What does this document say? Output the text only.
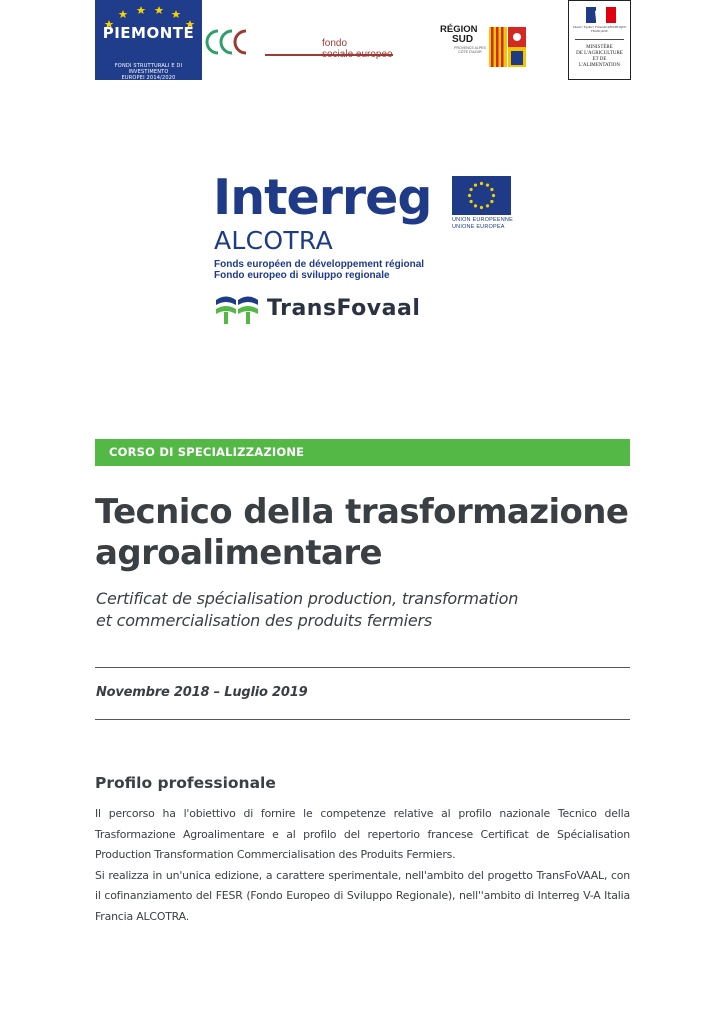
PIEMONTE
FONDI STRUTTURALI E DI INVESTIMENTO
EUROPEI 2014/2020
fondo
sociale europeo
RÉGION
SUD
PROVENCE ALPES CÔTE D'AZUR
Liberté • Égalité • Fraternité RÉPUBLIQUE FRANÇAISE
MINISTÈRE
DE L'AGRICULTURE
ET DE
L'ALIMENTATION
Interreg
ALCOTRA
Fonds européen de développement régional
Fondo europeo di sviluppo regionale
UNION EUROPEENNE
UNIONE EUROPEA
TransFovaal
CORSO DI SPECIALIZZAZIONE
Tecnico della trasformazione
agroalimentare
Certificat de spécialisation production, transformation
et commercialisation des produits fermiers
Novembre 2018 – Luglio 2019
Profilo professionale

Il percorso ha l'obiettivo di fornire le competenze relative al profilo nazionale Tecnico della Trasformazione Agroalimentare e al profilo del repertorio francese Certificat de Spécialisation Production Transformation Commercialisation des Produits Fermiers.

Si realizza in un'unica edizione, a carattere sperimentale, nell'ambito del progetto TransFoVAAL, con il cofinanziamento del FESR (Fondo Europeo di Sviluppo Regionale), nell''ambito di Interreg V-A Italia Francia ALCOTRA.
